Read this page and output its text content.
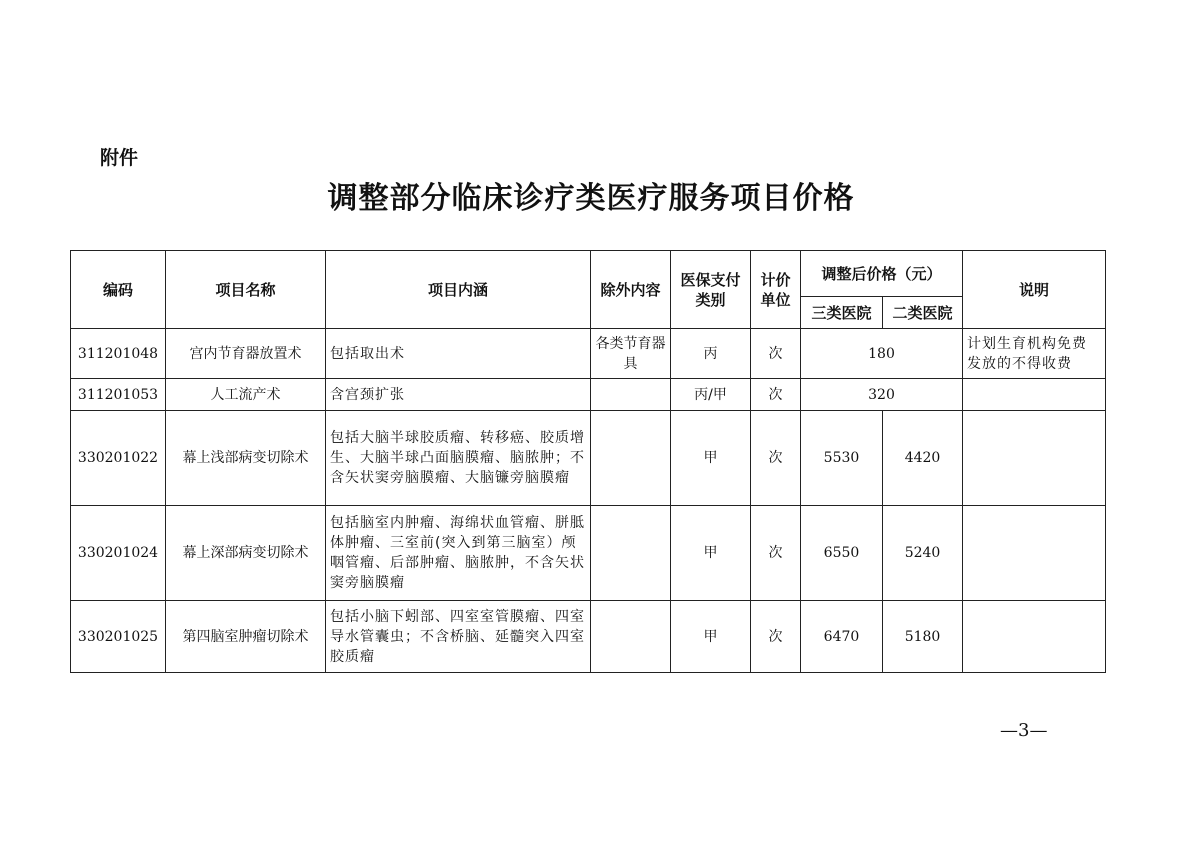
附件
调整部分临床诊疗类医疗服务项目价格
编码	项目名称	项目内涵	除外内容	医保支付类别	计价单位	调整后价格（元）		说明
						三类医院	二类医院	
311201048	宫内节育器放置术	包括取出术	各类节育器具	丙	次	180		计划生育机构免费发放的不得收费
311201053	人工流产术	含宫颈扩张		丙/甲	次	320		
330201022	幕上浅部病变切除术	包括大脑半球胶质瘤、转移癌、胶质增生、大脑半球凸面脑膜瘤、脑脓肿；不含矢状窦旁脑膜瘤、大脑镰旁脑膜瘤		甲	次	5530	4420	
330201024	幕上深部病变切除术	包括脑室内肿瘤、海绵状血管瘤、胼胝体肿瘤、三室前(突入到第三脑室）颅咽管瘤、后部肿瘤、脑脓肿，不含矢状窦旁脑膜瘤		甲	次	6550	5240	
330201025	第四脑室肿瘤切除术	包括小脑下蚓部、四室室管膜瘤、四室导水管囊虫；不含桥脑、延髓突入四室胶质瘤		甲	次	6470	5180	
—3—
